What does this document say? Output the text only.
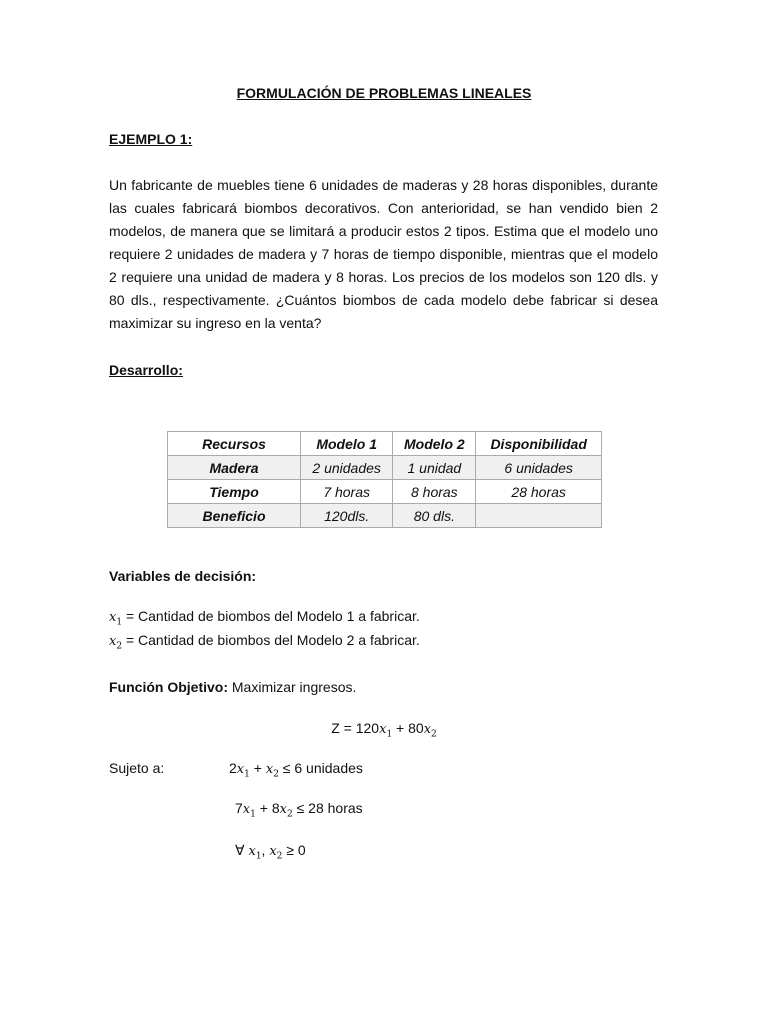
FORMULACIÓN DE PROBLEMAS LINEALES
EJEMPLO 1:

Un fabricante de muebles tiene 6 unidades de maderas y 28 horas disponibles, durante las cuales fabricará biombos decorativos. Con anterioridad, se han vendido bien 2 modelos, de manera que se limitará a producir estos 2 tipos. Estima que el modelo uno requiere 2 unidades de madera y 7 horas de tiempo disponible, mientras que el modelo 2 requiere una unidad de madera y 8 horas. Los precios de los modelos son 120 dls. y 80 dls., respectivamente. ¿Cuántos biombos de cada modelo debe fabricar si desea maximizar su ingreso en la venta?

Desarrollo:
Recursos	Modelo 1	Modelo 2	Disponibilidad
Madera	2 unidades	1 unidad	6 unidades
Tiempo	7 horas	8 horas	28 horas
Beneficio	120dls.	80 dls.	
Variables de decisión:
$x_1$ = Cantidad de biombos del Modelo 1 a fabricar.
$x_2$ = Cantidad de biombos del Modelo 2 a fabricar.
Función Objetivo: Maximizar ingresos.
$Z = 120x_1 + 80x_2$
Sujeto a:	$2x_1 + x_2 \le 6$ unidades
$7x_1 + 8x_2 \le 28$ horas
∀ $x_1$, $x_2 \ge 0$
